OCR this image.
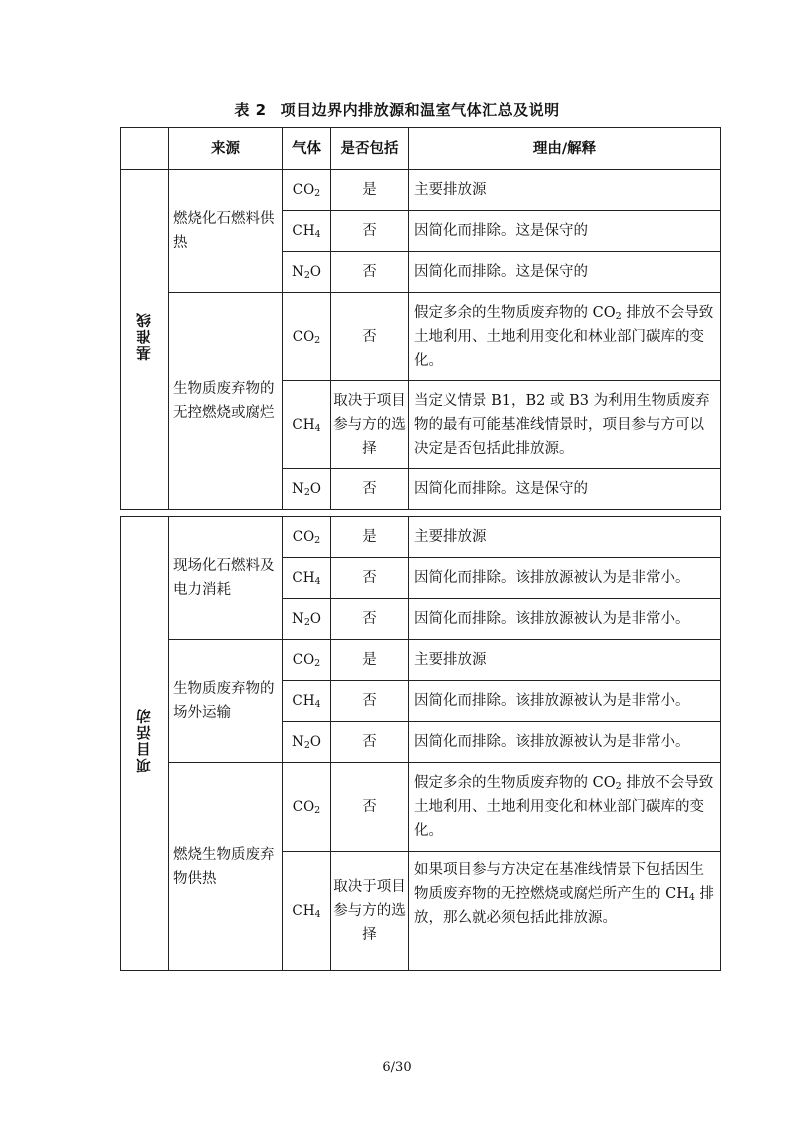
表 2 项目边界内排放源和温室气体汇总及说明
	来源	气体	是否包括	理由/解释
基准线	燃烧化石燃料供热	$CO_2$	是	主要排放源
		$CH_4$	否	因简化而排除。这是保守的
		$N_2O$	否	因简化而排除。这是保守的
	生物质废弃物的无控燃烧或腐烂	$CO_2$	否	假定多余的生物质废弃物的 $CO_2$ 排放不会导致土地利用、土地利用变化和林业部门碳库的变化。
		$CH_4$	取决于项目参与方的选择	当定义情景 B1，B2 或 B3 为利用生物质废弃物的最有可能基准线情景时，项目参与方可以决定是否包括此排放源。
		$N_2O$	否	因简化而排除。这是保守的
项目活动	现场化石燃料及电力消耗	$CO_2$	是	主要排放源
		$CH_4$	否	因简化而排除。该排放源被认为是非常小。
		$N_2O$	否	因简化而排除。该排放源被认为是非常小。
	生物质废弃物的场外运输	$CO_2$	是	主要排放源
		$CH_4$	否	因简化而排除。该排放源被认为是非常小。
		$N_2O$	否	因简化而排除。该排放源被认为是非常小。
	燃烧生物质废弃物供热	$CO_2$	否	假定多余的生物质废弃物的 $CO_2$ 排放不会导致土地利用、土地利用变化和林业部门碳库的变化。
		$CH_4$	取决于项目参与方的选择	如果项目参与方决定在基准线情景下包括因生物质废弃物的无控燃烧或腐烂所产生的 $CH_4$ 排放，那么就必须包括此排放源。
6/30
